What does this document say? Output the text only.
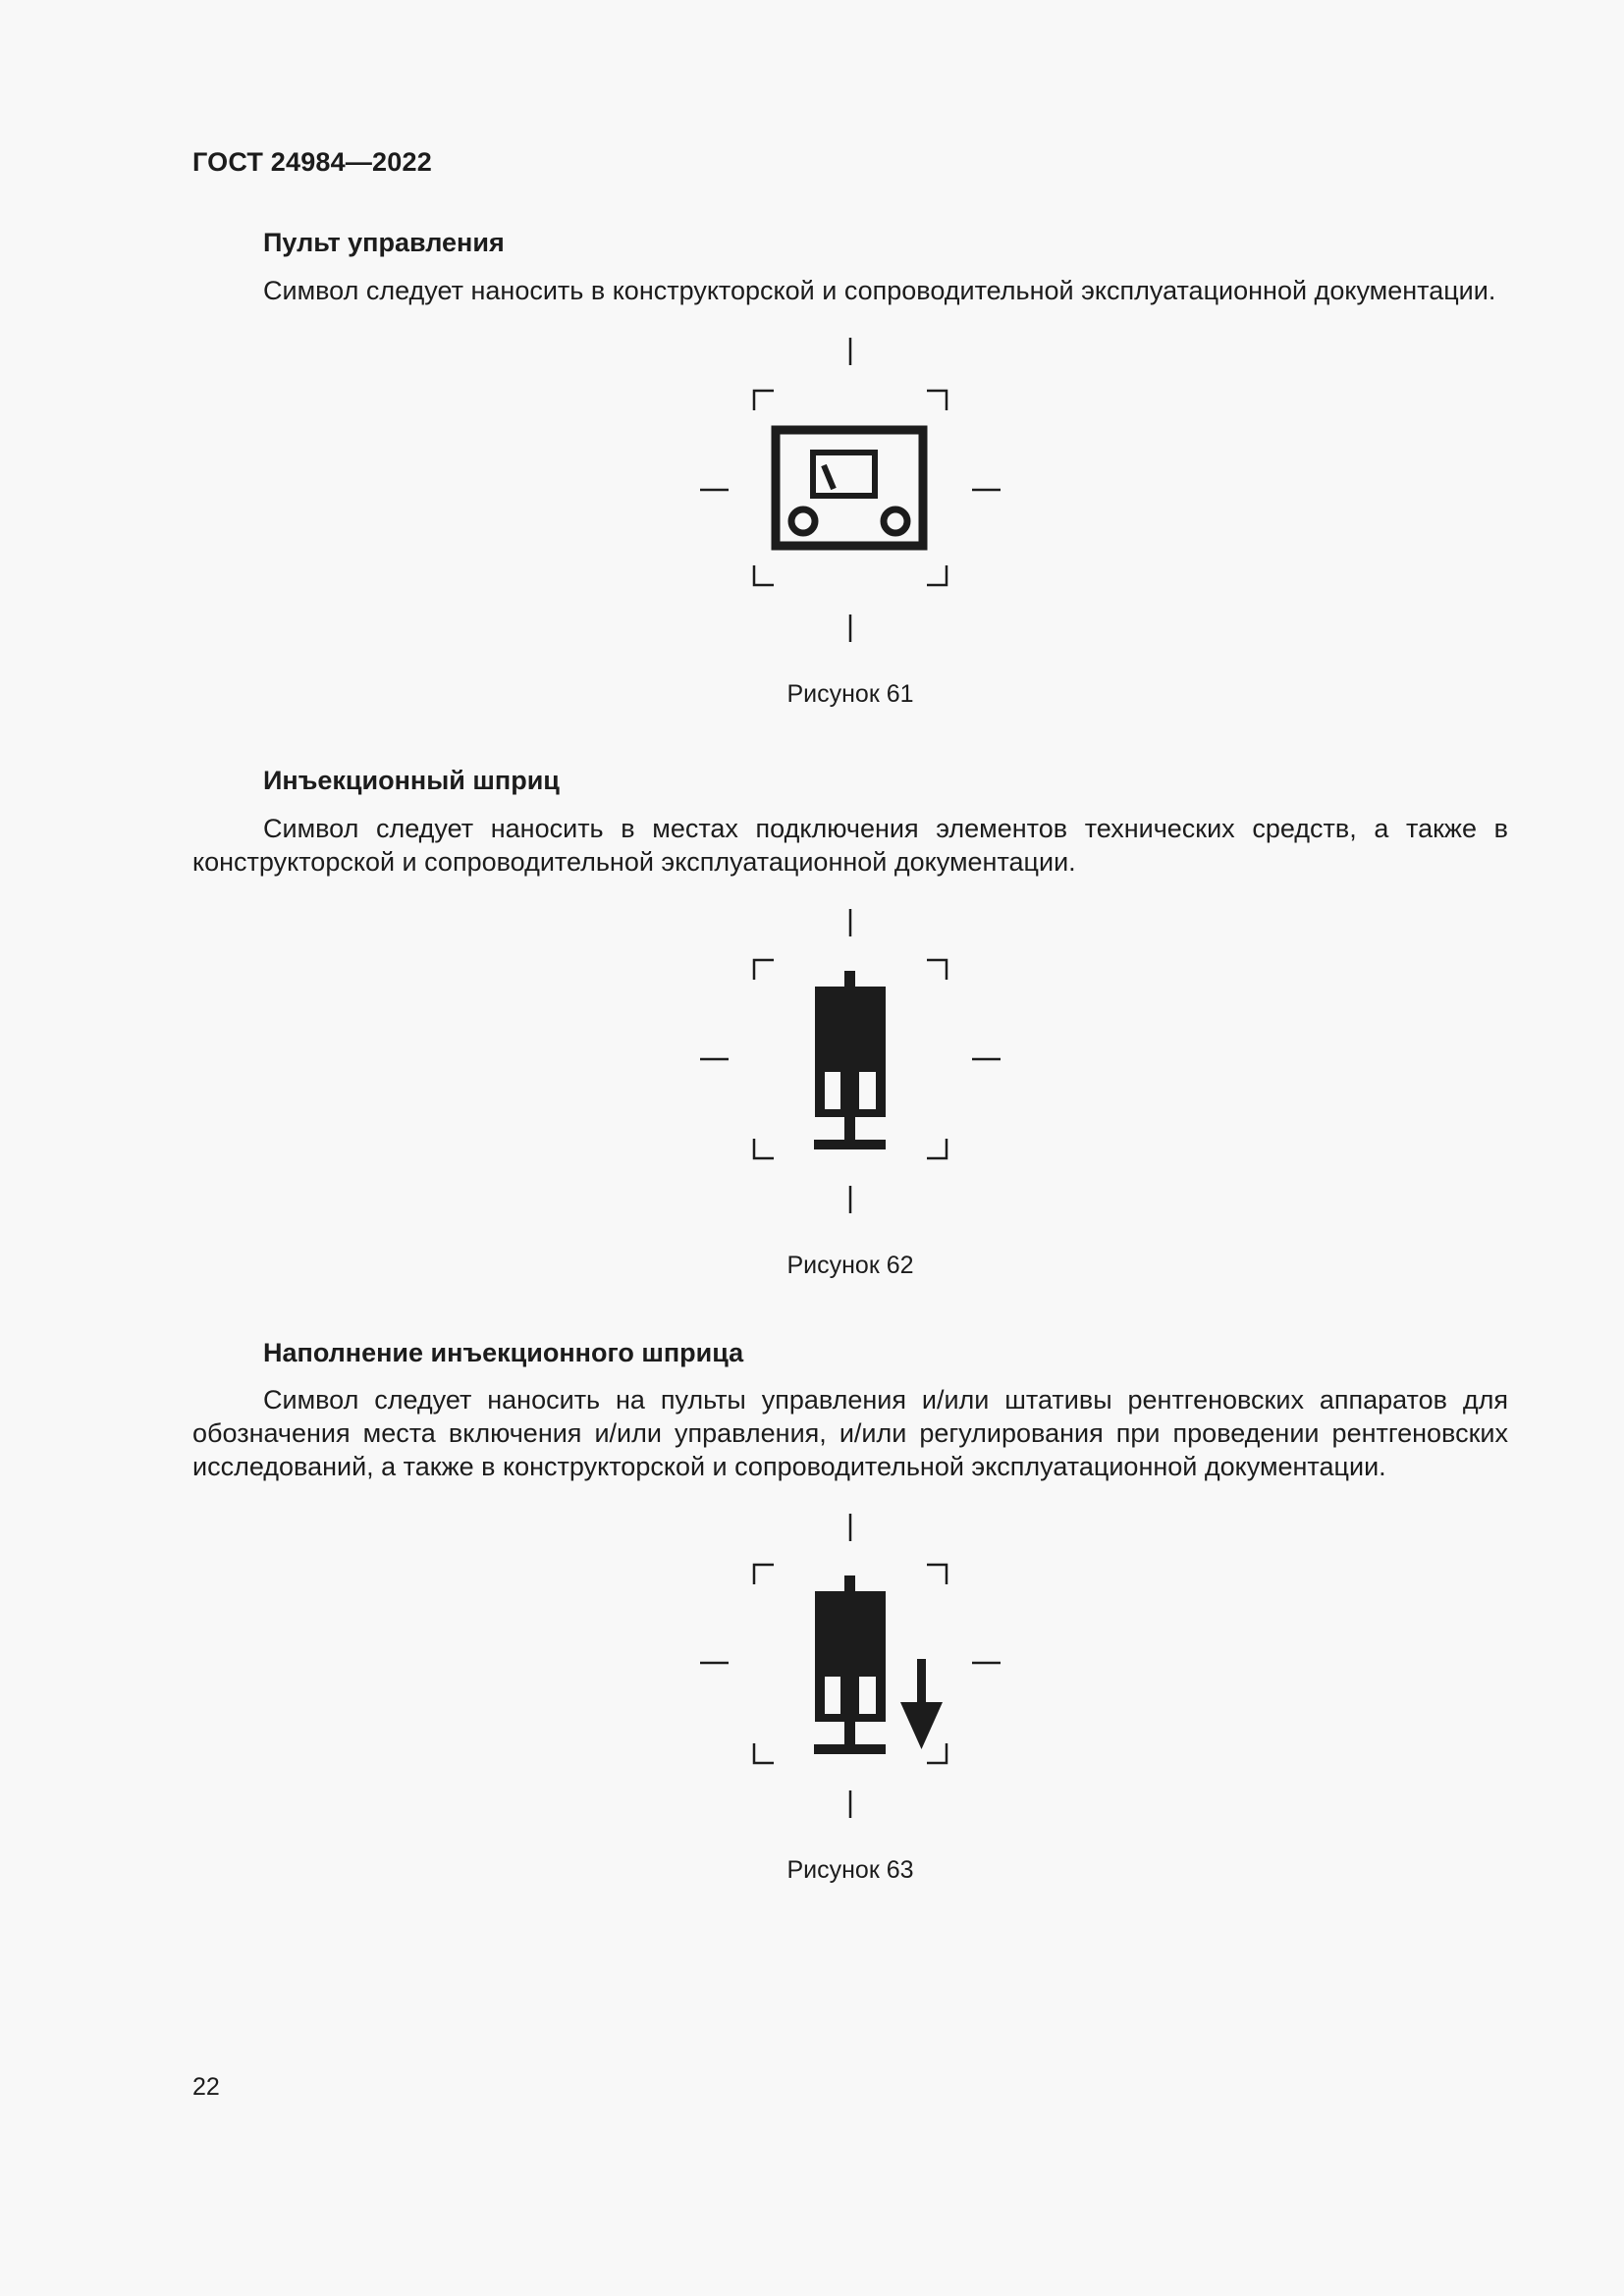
ГОСТ 24984—2022
Пульт управления

Символ следует наносить в конструкторской и сопроводительной эксплуатационной документации.

Рисунок 61
Инъекционный шприц

Символ следует наносить в местах подключения элементов технических средств, а также в конструкторской и сопроводительной эксплуатационной документации.

Рисунок 62
Наполнение инъекционного шприца

Символ следует наносить на пульты управления и/или штативы рентгеновских аппаратов для обозначения места включения и/или управления, и/или регулирования при проведении рентгеновских исследований, а также в конструкторской и сопроводительной эксплуатационной документации.

Рисунок 63
22
